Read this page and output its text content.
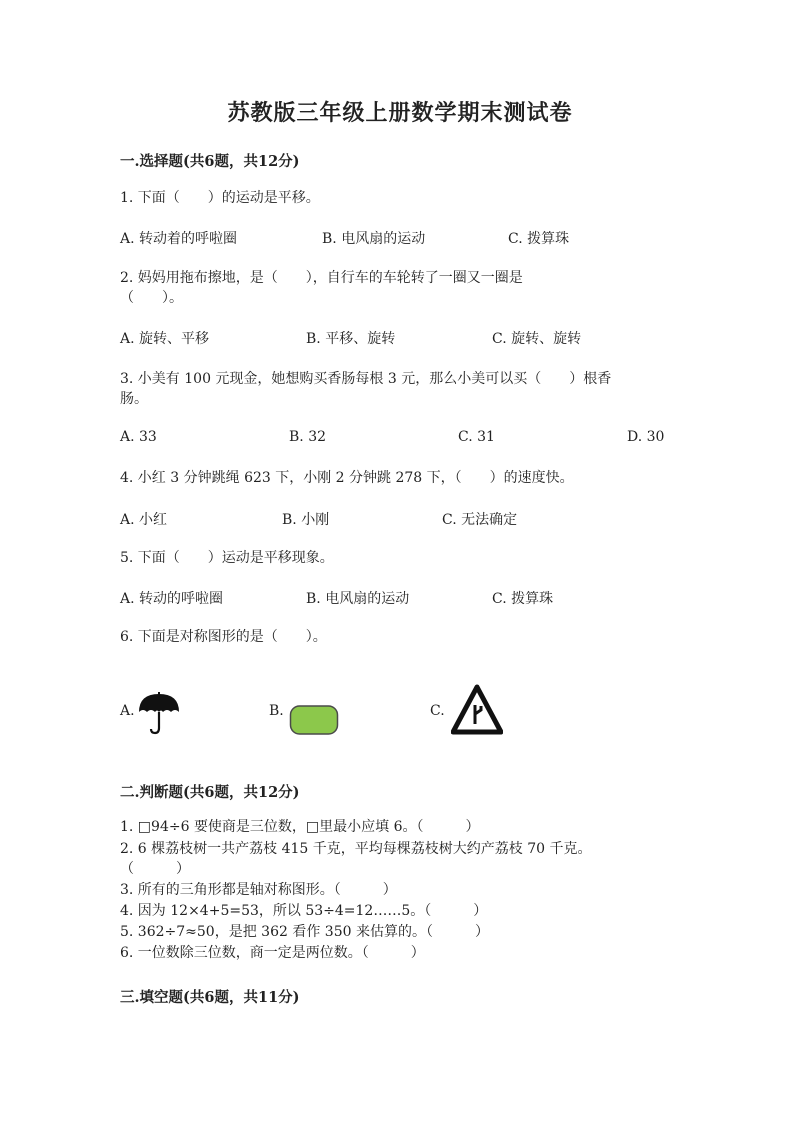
苏教版三年级上册数学期末测试卷
一.选择题(共6题，共12分)
1. 下面（　　）的运动是平移。
A. 转动着的呼啦圈	B. 电风扇的运动	C. 拨算珠
2. 妈妈用拖布擦地，是（　　），自行车的车轮转了一圈又一圈是
（　　）。
A. 旋转、平移	B. 平移、旋转	C. 旋转、旋转
3. 小美有 100 元现金，她想购买香肠每根 3 元，那么小美可以买（　　）根香
肠。
A. 33	B. 32	C. 31	D. 30
4. 小红 3 分钟跳绳 623 下，小刚 2 分钟跳 278 下，（　　）的速度快。
A. 小红	B. 小刚	C. 无法确定
5. 下面（　　）运动是平移现象。
A. 转动的呼啦圈	B. 电风扇的运动	C. 拨算珠
6. 下面是对称图形的是（　　）。
A.	B.	C.
二.判断题(共6题，共12分)
1. □94÷6 要使商是三位数，□里最小应填 6。（　　　）
2. 6 棵荔枝树一共产荔枝 415 千克，平均每棵荔枝树大约产荔枝 70 千克。
（　　　）
3. 所有的三角形都是轴对称图形。（　　　）
4. 因为 12×4+5=53，所以 53÷4=12……5。（　　　）
5. 362÷7≈50，是把 362 看作 350 来估算的。（　　　）
6. 一位数除三位数，商一定是两位数。（　　　）
三.填空题(共6题，共11分)
